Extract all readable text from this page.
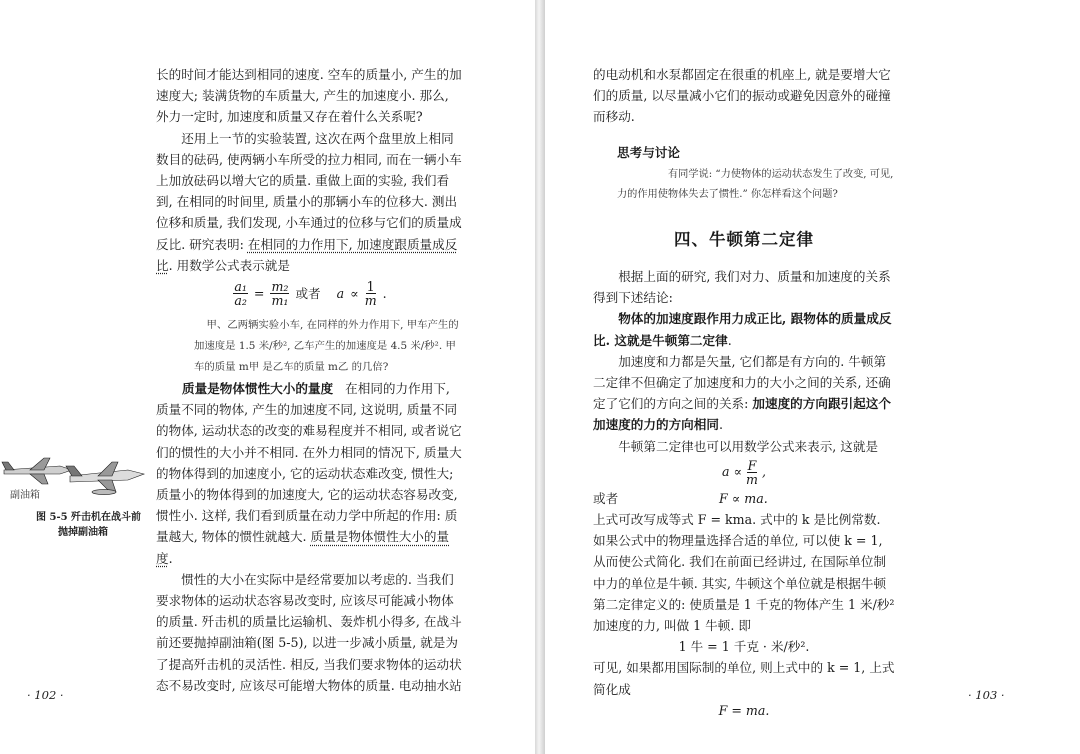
长的时间才能达到相同的速度. 空车的质量小, 产生的加速度大; 装满货物的车质量大, 产生的加速度小. 那么, 外力一定时, 加速度和质量又存在着什么关系呢?

还用上一节的实验装置, 这次在两个盘里放上相同数目的砝码, 使两辆小车所受的拉力相同, 而在一辆小车上加放砝码以增大它的质量. 重做上面的实验, 我们看到, 在相同的时间里, 质量小的那辆小车的位移大. 测出位移和质量, 我们发现, 小车通过的位移与它们的质量成反比. 研究表明: 在相同的力作用下, 加速度跟质量成反比. 用数学公式表示就是

$\frac{\text{a₁}}{\text{a₂}} = \frac{\text{m₂}}{\text{m₁}}$ 或者 $a \propto \frac{1}{m}$ .

甲、乙两辆实验小车, 在同样的外力作用下, 甲车产生的加速度是 1.5 米/秒², 乙车产生的加速度是 4.5 米/秒². 甲车的质量 m甲 是乙车的质量 m乙 的几倍?

质量是物体惯性大小的量度 在相同的力作用下, 质量不同的物体, 产生的加速度不同, 这说明, 质量不同的物体, 运动状态的改变的难易程度并不相同, 或者说它们的惯性的大小并不相同. 在外力相同的情况下, 质量大的物体得到的加速度小, 它的运动状态难改变, 惯性大; 质量小的物体得到的加速度大, 它的运动状态容易改变, 惯性小. 这样, 我们看到质量在动力学中所起的作用: 质量越大, 物体的惯性就越大. 质量是物体惯性大小的量度.

惯性的大小在实际中是经常要加以考虑的. 当我们要求物体的运动状态容易改变时, 应该尽可能减小物体的质量. 歼击机的质量比运输机、轰炸机小得多, 在战斗前还要抛掉副油箱(图 5-5), 以进一步减小质量, 就是为了提高歼击机的灵活性. 相反, 当我们要求物体的运动状态不易改变时, 应该尽可能增大物体的质量. 电动抽水站

副油箱
图 5-5 歼击机在战斗前
抛掉副油箱
· 102 ·

的电动机和水泵都固定在很重的机座上, 就是要增大它们的质量, 以尽量减小它们的振动或避免因意外的碰撞而移动.

思考与讨论
有同学说: “力使物体的运动状态发生了改变, 可见, 力的作用使物体失去了惯性.” 你怎样看这个问题?
四、牛顿第二定律

根据上面的研究, 我们对力、质量和加速度的关系得到下述结论:

物体的加速度跟作用力成正比, 跟物体的质量成反比. 这就是牛顿第二定律.

加速度和力都是矢量, 它们都是有方向的. 牛顿第二定律不但确定了加速度和力的大小之间的关系, 还确定了它们的方向之间的关系: 加速度的方向跟引起这个加速度的力的方向相同.

牛顿第二定律也可以用数学公式来表示, 这就是

$a \propto \frac{F}{m}$ ,
或者	F ∝ ma.

上式可改写成等式 F = kma. 式中的 k 是比例常数. 如果公式中的物理量选择合适的单位, 可以使 k = 1, 从而使公式简化. 我们在前面已经讲过, 在国际单位制中力的单位是牛顿. 其实, 牛顿这个单位就是根据牛顿第二定律定义的: 使质量是 1 千克的物体产生 1 米/秒² 加速度的力, 叫做 1 牛顿. 即

1 牛 = 1 千克 · 米/秒².

可见, 如果都用国际制的单位, 则上式中的 k = 1, 上式简化成

F = ma.

· 103 ·
